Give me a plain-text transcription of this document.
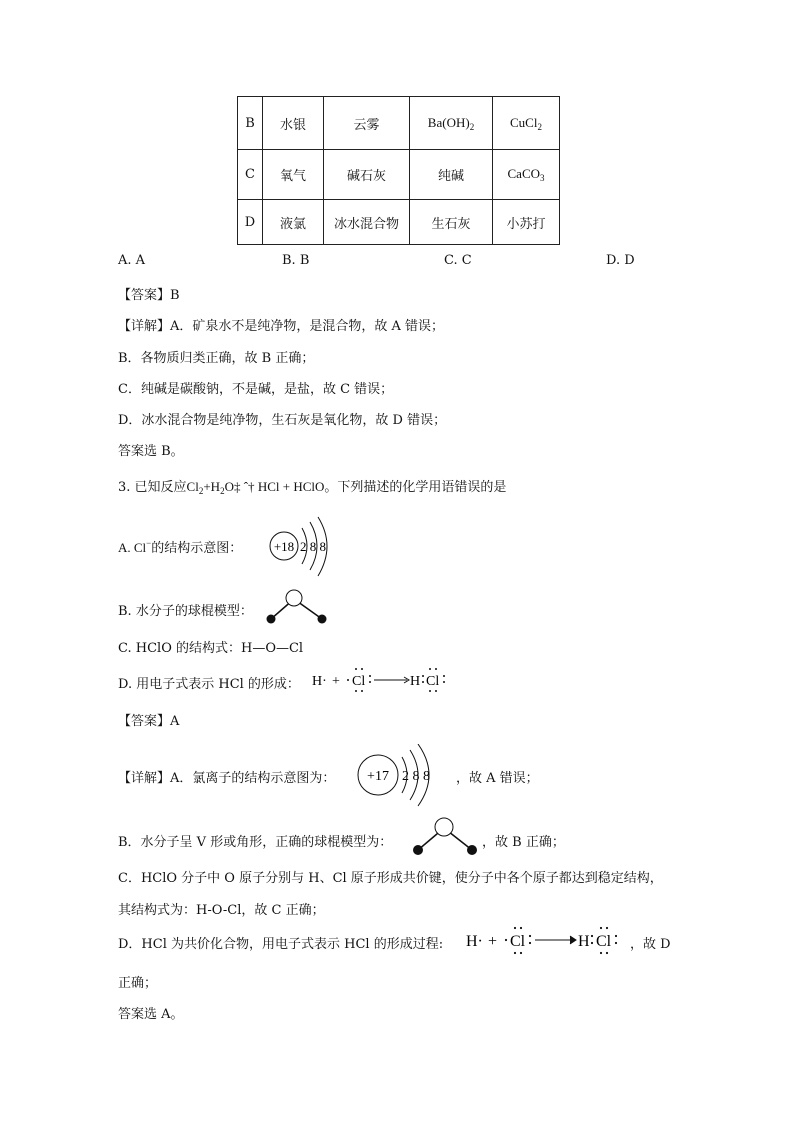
B	水银	云雾	$Ba(OH)_2$	CuCl$_2$
C	氧气	碱石灰	纯碱	CaCO$_3$
D	液氯	冰水混合物	生石灰	小苏打
A. A	B. B	C. C	D. D
【答案】B
【详解】A．矿泉水不是纯净物，是混合物，故 A 错误；
B．各物质归类正确，故 B 正确；
C．纯碱是碳酸钠，不是碱，是盐，故 C 错误；
D．冰水混合物是纯净物，生石灰是氧化物，故 D 错误；
答案选 B。
3. 已知反应$Cl_2+H_2O\ddagger$ ˆ† HCl + HClO。下列描述的化学用语错误的是
A. Cl−的结构示意图： +18 2 8 8
B. 水分子的球棍模型：
C. HClO 的结构式：H—O—Cl
D. 用电子式表示 HCl 的形成： H· + Cl	H Cl
【答案】A
【详解】A．氯离子的结构示意图为： +17 2 8 8 ，故 A 错误；
B．水分子呈 V 形或角形，正确的球棍模型为：	，故 B 正确；
C．HClO 分子中 O 原子分别与 H、Cl 原子形成共价键，使分子中各个原子都达到稳定结构，
其结构式为：H-O-Cl，故 C 正确；
D．HCl 为共价化合物，用电子式表示 HCl 的形成过程: H· + Cl	H Cl ，故 D
正确；
答案选 A。
